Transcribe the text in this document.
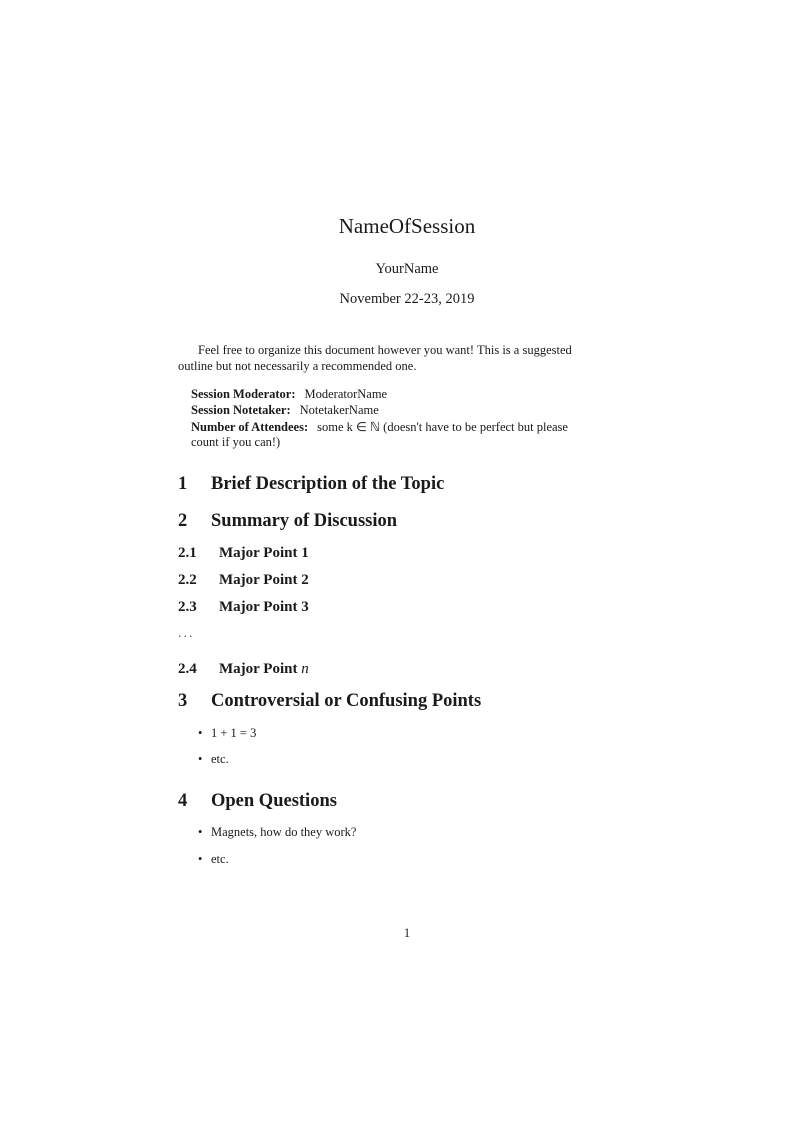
NameOfSession
YourName
November 22-23, 2019
Feel free to organize this document however you want! This is a suggested
outline but not necessarily a recommended one.
Session Moderator: ModeratorName
Session Notetaker: NotetakerName
Number of Attendees: some k ∈ ℕ (doesn't have to be perfect but please
count if you can!)
1 Brief Description of the Topic
2 Summary of Discussion
2.1 Major Point 1
2.2 Major Point 2
2.3 Major Point 3
...
2.4 Major Point n
3 Controversial or Confusing Points
• 1 + 1 = 3
• etc.
4 Open Questions
• Magnets, how do they work?
• etc.
1
